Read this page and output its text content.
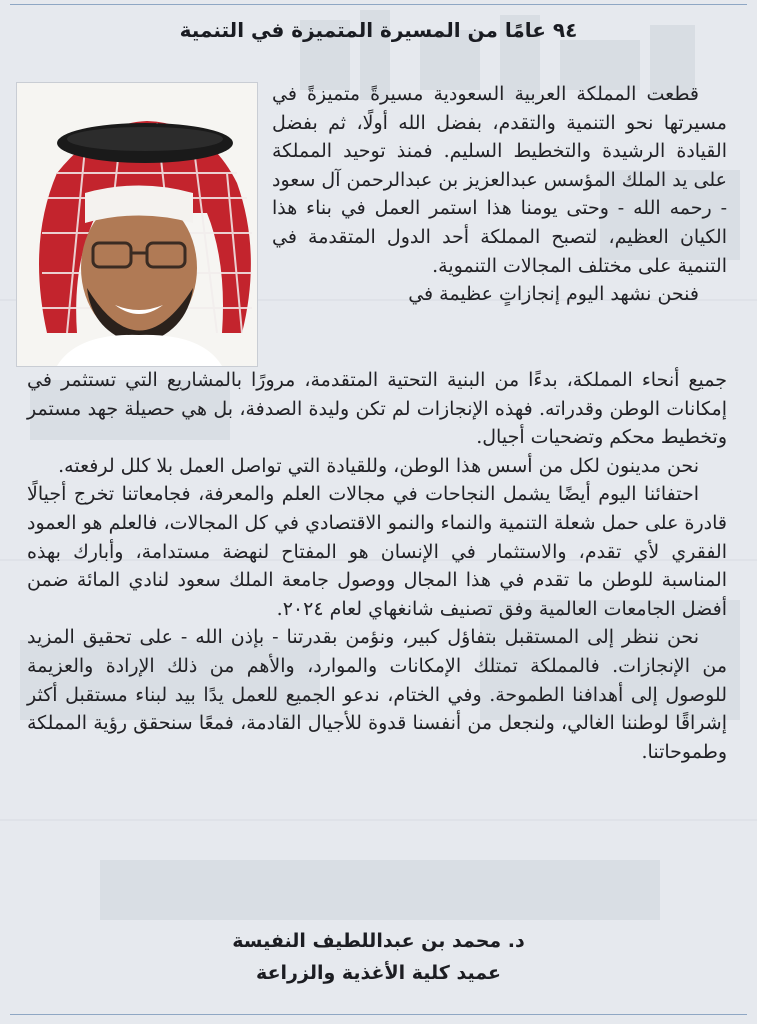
٩٤ عامًا من المسيرة المتميزة في التنمية

قطعت المملكة العربية السعودية مسيرةً متميزةً في مسيرتها نحو التنمية والتقدم، بفضل الله أولًا، ثم بفضل القيادة الرشيدة والتخطيط السليم. فمنذ توحيد المملكة على يد الملك المؤسس عبدالعزيز بن عبدالرحمن آل سعود - رحمه الله - وحتى يومنا هذا استمر العمل في بناء هذا الكيان العظيم، لتصبح المملكة أحد الدول المتقدمة في التنمية على مختلف المجالات التنموية.

فنحن نشهد اليوم إنجازاتٍ عظيمة في

جميع أنحاء المملكة، بدءًا من البنية التحتية المتقدمة، مرورًا بالمشاريع التي تستثمر في إمكانات الوطن وقدراته. فهذه الإنجازات لم تكن وليدة الصدفة، بل هي حصيلة جهد مستمر وتخطيط محكم وتضحيات أجيال.

نحن مدينون لكل من أسس هذا الوطن، وللقيادة التي تواصل العمل بلا كلل لرفعته.

احتفائنا اليوم أيضًا يشمل النجاحات في مجالات العلم والمعرفة، فجامعاتنا تخرج أجيالًا قادرة على حمل شعلة التنمية والنماء والنمو الاقتصادي في كل المجالات، فالعلم هو العمود الفقري لأي تقدم، والاستثمار في الإنسان هو المفتاح لنهضة مستدامة، وأبارك بهذه المناسبة للوطن ما تقدم في هذا المجال ووصول جامعة الملك سعود لنادي المائة ضمن أفضل الجامعات العالمية وفق تصنيف شانغهاي لعام ٢٠٢٤.

نحن ننظر إلى المستقبل بتفاؤل كبير، ونؤمن بقدرتنا - بإذن الله - على تحقيق المزيد من الإنجازات. فالمملكة تمتلك الإمكانات والموارد، والأهم من ذلك الإرادة والعزيمة للوصول إلى أهدافنا الطموحة. وفي الختام، ندعو الجميع للعمل يدًا بيد لبناء مستقبل أكثر إشراقًا لوطننا الغالي، ولنجعل من أنفسنا قدوة للأجيال القادمة، فمعًا سنحقق رؤية المملكة وطموحاتنا.

د. محمد بن عبداللطيف النفيسة
عميد كلية الأغذية والزراعة
